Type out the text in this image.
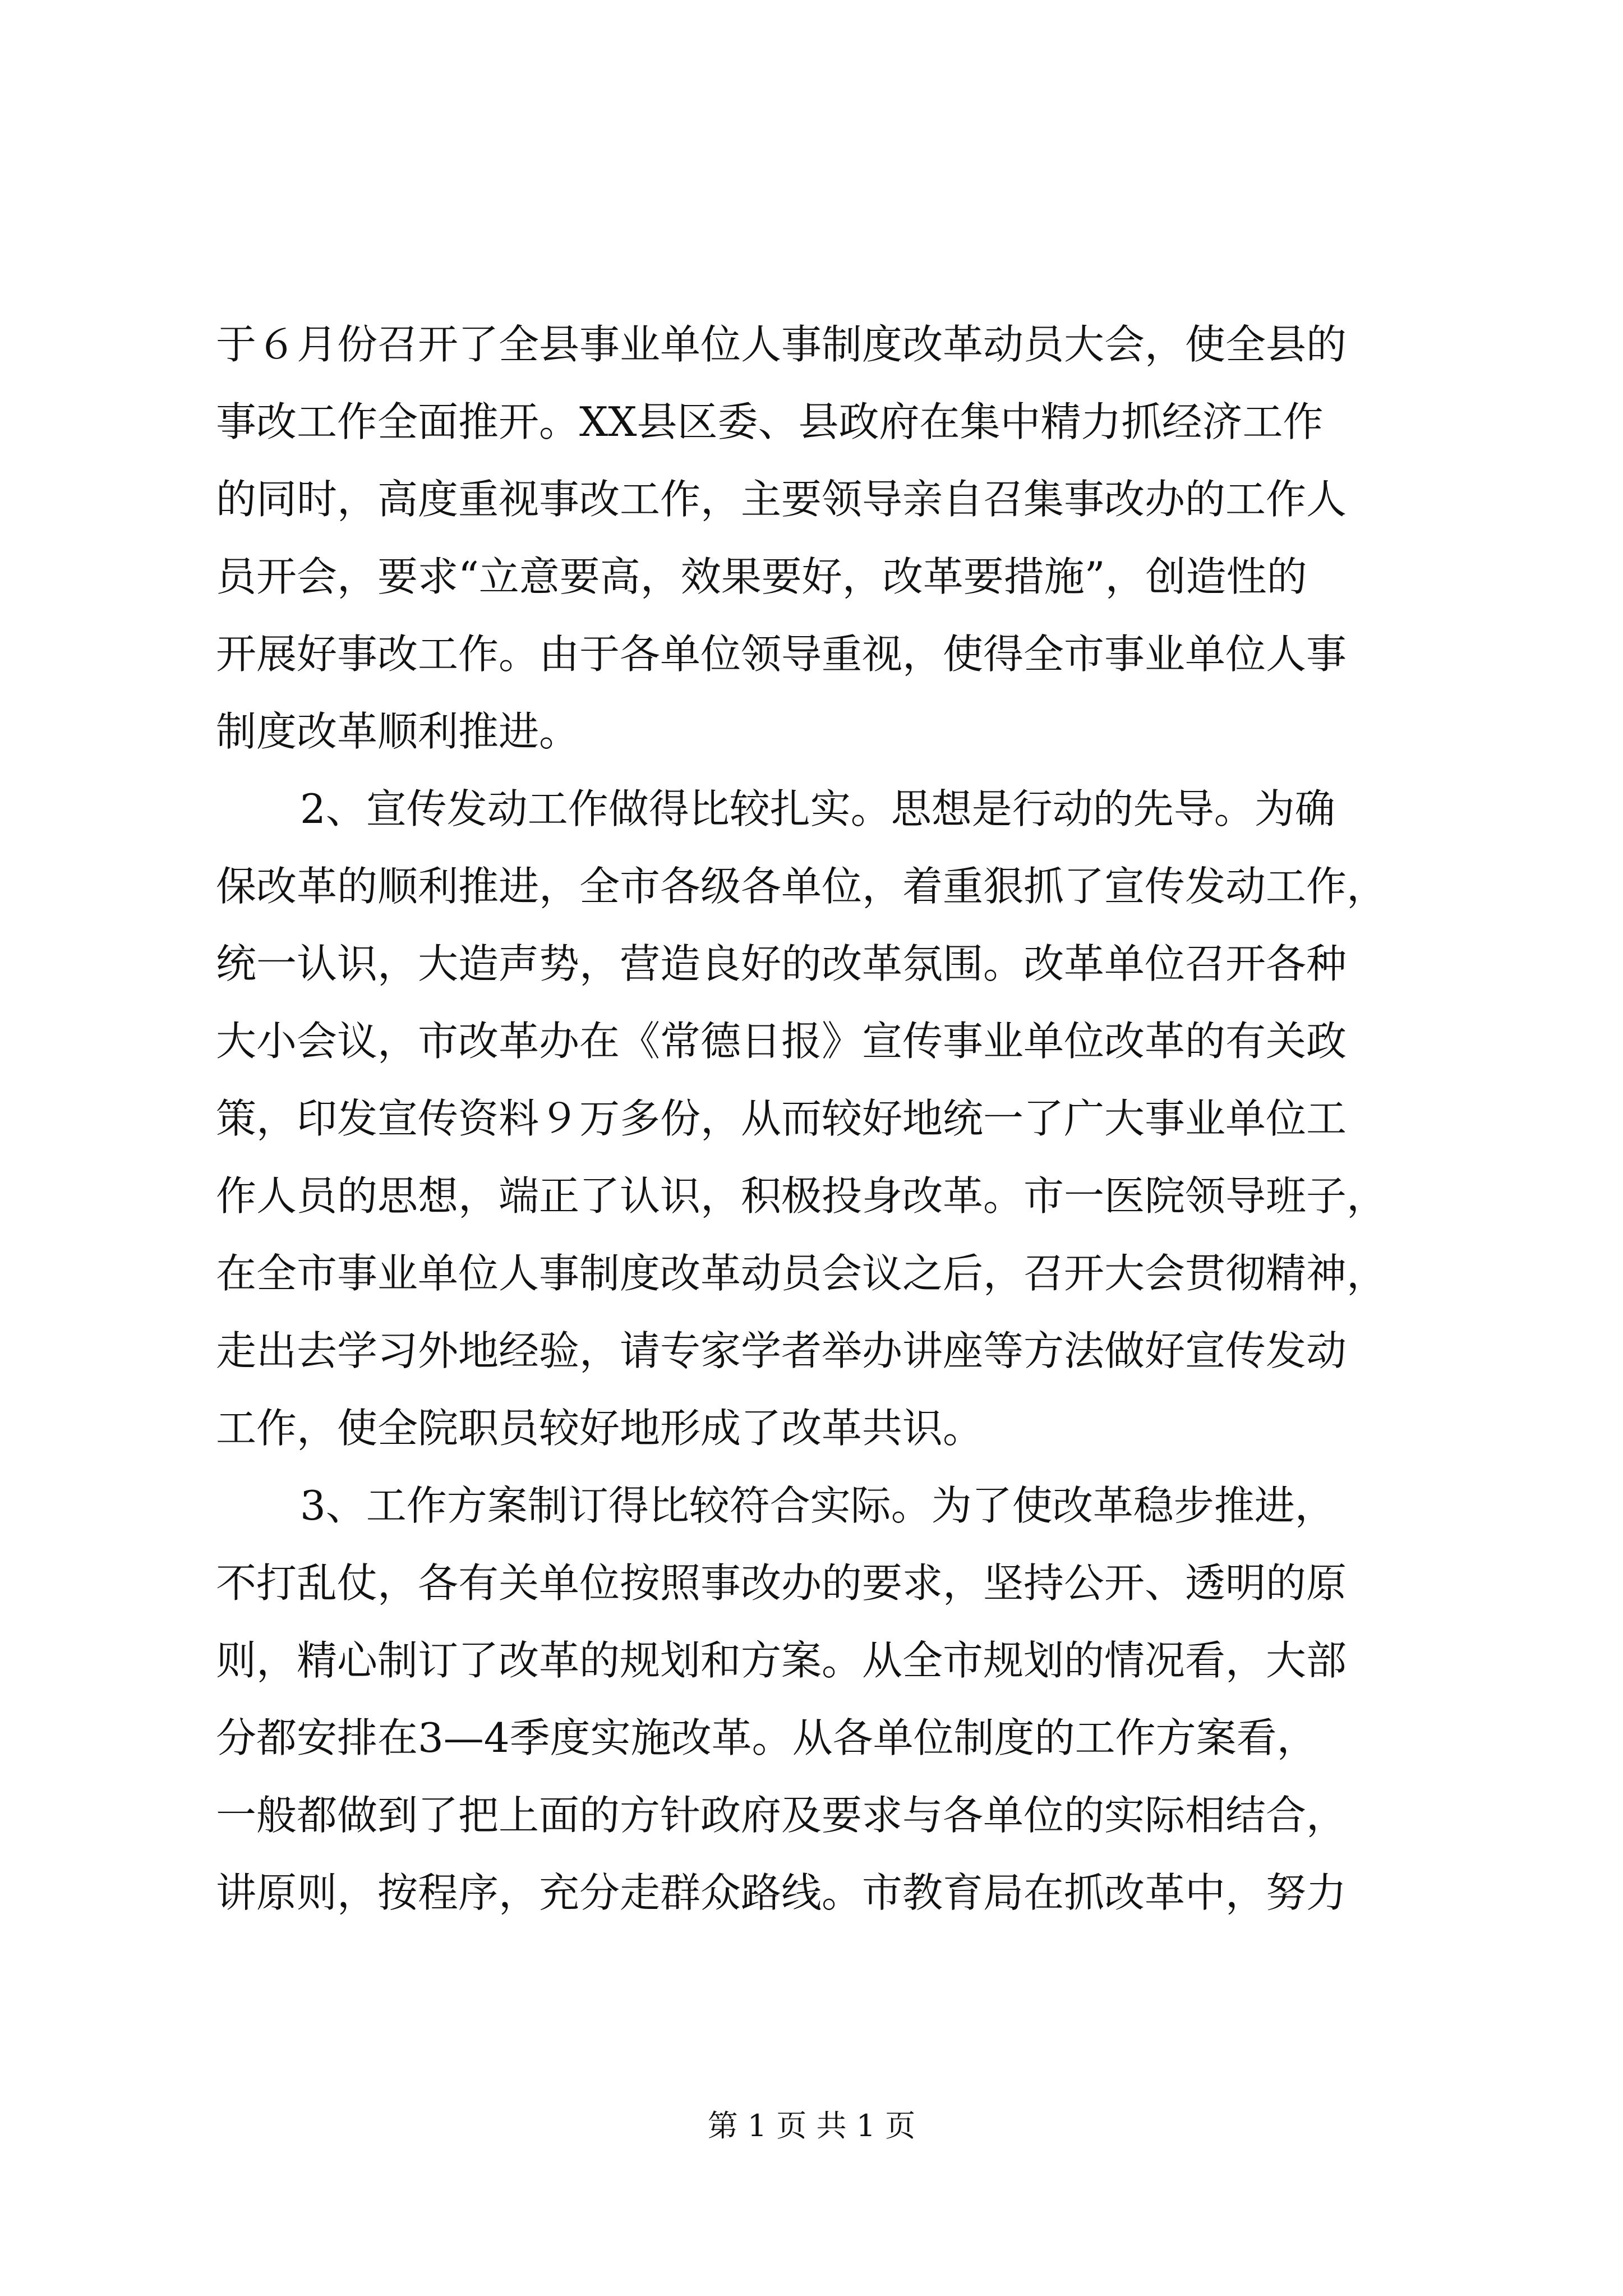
于６月份召开了全县事业单位人事制度改革动员大会，使全县的
事改工作全面推开。XX县区委、县政府在集中精力抓经济工作
的同时，高度重视事改工作，主要领导亲自召集事改办的工作人
员开会，要求“立意要高，效果要好，改革要措施”，创造性的
开展好事改工作。由于各单位领导重视，使得全市事业单位人事
制度改革顺利推进。
2、宣传发动工作做得比较扎实。思想是行动的先导。为确
保改革的顺利推进，全市各级各单位，着重狠抓了宣传发动工作，
统一认识，大造声势，营造良好的改革氛围。改革单位召开各种
大小会议，市改革办在《常德日报》宣传事业单位改革的有关政
策，印发宣传资料９万多份，从而较好地统一了广大事业单位工
作人员的思想，端正了认识，积极投身改革。市一医院领导班子，
在全市事业单位人事制度改革动员会议之后，召开大会贯彻精神，
走出去学习外地经验，请专家学者举办讲座等方法做好宣传发动
工作，使全院职员较好地形成了改革共识。
3、工作方案制订得比较符合实际。为了使改革稳步推进，
不打乱仗，各有关单位按照事改办的要求，坚持公开、透明的原
则，精心制订了改革的规划和方案。从全市规划的情况看，大部
分都安排在3—4季度实施改革。从各单位制度的工作方案看，
一般都做到了把上面的方针政府及要求与各单位的实际相结合，
讲原则，按程序，充分走群众路线。市教育局在抓改革中，努力
第 1 页 共 1 页
